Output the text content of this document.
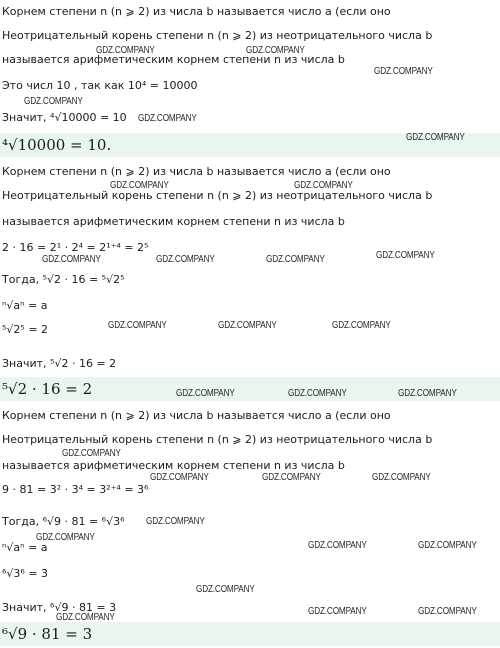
Корнем степени n (n ⩾ 2) из числа b называется число a (если оно
Неотрицательный корень степени n (n ⩾ 2) из неотрицательного числа b
называется арифметическим корнем степени n из числа b
Это числ 10 , так как 10⁴ = 10000
Значит, ⁴√10000 = 10
⁴√10000 = 10.
Корнем степени n (n ⩾ 2) из числа b называется число a (если оно
Неотрицательный корень степени n (n ⩾ 2) из неотрицательного числа b
называется арифметическим корнем степени n из числа b
2 · 16 = 2¹ · 2⁴ = 2¹⁺⁴ = 2⁵
Тогда, ⁵√2 · 16 = ⁵√2⁵
ⁿ√aⁿ = a
⁵√2⁵ = 2
Значит, ⁵√2 · 16 = 2
⁵√2 · 16 = 2
Корнем степени n (n ⩾ 2) из числа b называется число a (если оно
Неотрицательный корень степени n (n ⩾ 2) из неотрицательного числа b
называется арифметическим корнем степени n из числа b
9 · 81 = 3² · 3⁴ = 3²⁺⁴ = 3⁶
Тогда, ⁶√9 · 81 = ⁶√3⁶
ⁿ√aⁿ = a
⁶√3⁶ = 3
Значит, ⁶√9 · 81 = 3
⁶√9 · 81 = 3
GDZ.COMPANY	GDZ.COMPANY
GDZ.COMPANY
GDZ.COMPANY
GDZ.COMPANY
GDZ.COMPANY
GDZ.COMPANY	GDZ.COMPANY
GDZ.COMPANY
GDZ.COMPANY	GDZ.COMPANY	GDZ.COMPANY
GDZ.COMPANY	GDZ.COMPANY	GDZ.COMPANY
GDZ.COMPANY	GDZ.COMPANY	GDZ.COMPANY
GDZ.COMPANY
GDZ.COMPANY	GDZ.COMPANY	GDZ.COMPANY
GDZ.COMPANY
GDZ.COMPANY
GDZ.COMPANY	GDZ.COMPANY
GDZ.COMPANY
GDZ.COMPANY	GDZ.COMPANY
GDZ.COMPANY
